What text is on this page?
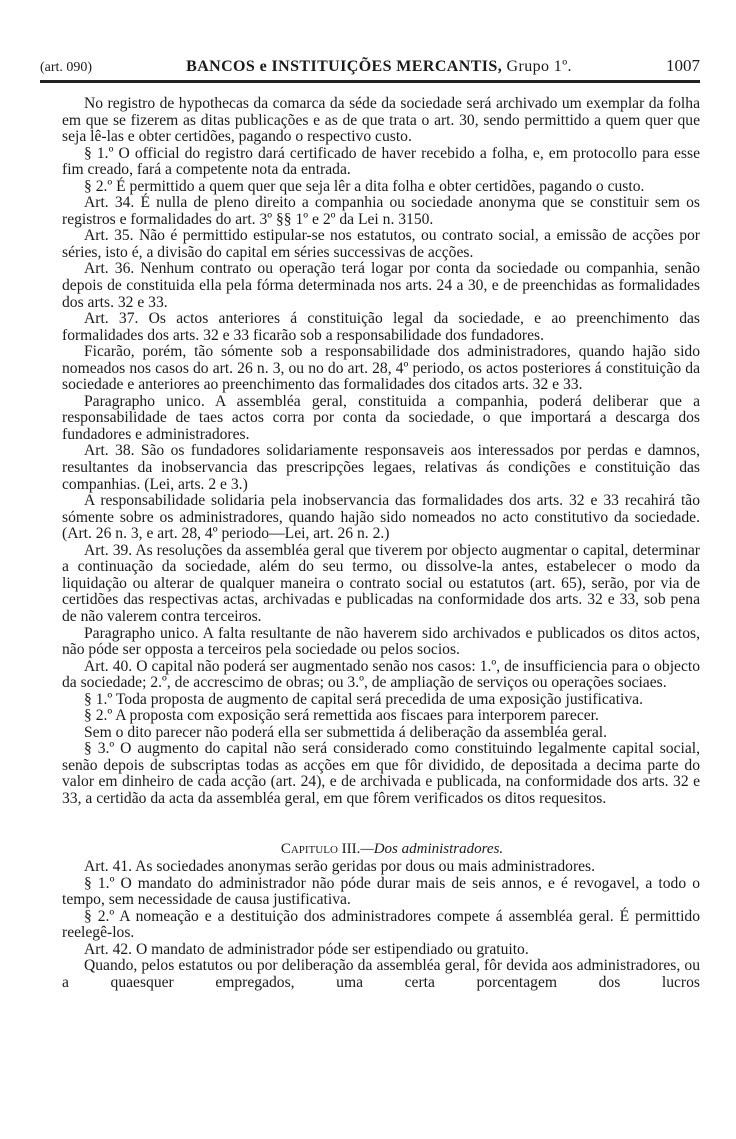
(art. 090)	BANCOS e INSTITUIÇÕES MERCANTIS, Grupo 1º.	1007

No registro de hypothecas da comarca da séde da sociedade será archivado um exemplar da folha em que se fizerem as ditas publicações e as de que trata o art. 30, sendo permittido a quem quer que seja lê-las e obter certidões, pagando o respectivo custo.

§ 1.º O official do registro dará certificado de haver recebido a folha, e, em protocollo para esse fim creado, fará a competente nota da entrada.

§ 2.º É permittido a quem quer que seja lêr a dita folha e obter certidões, pagando o custo.

Art. 34. É nulla de pleno direito a companhia ou sociedade anonyma que se constituir sem os registros e formalidades do art. 3º §§ 1º e 2º da Lei n. 3150.

Art. 35. Não é permittido estipular-se nos estatutos, ou contrato social, a emissão de acções por séries, isto é, a divisão do capital em séries successivas de acções.

Art. 36. Nenhum contrato ou operação terá logar por conta da sociedade ou companhia, senão depois de constituida ella pela fórma determinada nos arts. 24 a 30, e de preenchidas as formalidades dos arts. 32 e 33.

Art. 37. Os actos anteriores á constituição legal da sociedade, e ao preenchimento das formalidades dos arts. 32 e 33 ficarão sob a responsabilidade dos fundadores.

Ficarão, porém, tão sómente sob a responsabilidade dos administradores, quando hajão sido nomeados nos casos do art. 26 n. 3, ou no do art. 28, 4º periodo, os actos posteriores á constituição da sociedade e anteriores ao preenchimento das formalidades dos citados arts. 32 e 33.

Paragrapho unico. A assembléa geral, constituida a companhia, poderá deliberar que a responsabilidade de taes actos corra por conta da sociedade, o que importará a descarga dos fundadores e administradores.

Art. 38. São os fundadores solidariamente responsaveis aos interessados por perdas e damnos, resultantes da inobservancia das prescripções legaes, relativas ás condições e constituição das companhias. (Lei, arts. 2 e 3.)

A responsabilidade solidaria pela inobservancia das formalidades dos arts. 32 e 33 recahirá tão sómente sobre os administradores, quando hajão sido nomeados no acto constitutivo da sociedade. (Art. 26 n. 3, e art. 28, 4º periodo—Lei, art. 26 n. 2.)

Art. 39. As resoluções da assembléa geral que tiverem por objecto augmentar o capital, determinar a continuação da sociedade, além do seu termo, ou dissolve-la antes, estabelecer o modo da liquidação ou alterar de qualquer maneira o contrato social ou estatutos (art. 65), serão, por via de certidões das respectivas actas, archivadas e publicadas na conformidade dos arts. 32 e 33, sob pena de não valerem contra terceiros.

Paragrapho unico. A falta resultante de não haverem sido archivados e publicados os ditos actos, não póde ser opposta a terceiros pela sociedade ou pelos socios.

Art. 40. O capital não poderá ser augmentado senão nos casos: 1.º, de insufficiencia para o objecto da sociedade; 2.º, de accrescimo de obras; ou 3.º, de ampliação de serviços ou operações sociaes.

§ 1.º Toda proposta de augmento de capital será precedida de uma exposição justificativa.

§ 2.º A proposta com exposição será remettida aos fiscaes para interporem parecer.

Sem o dito parecer não poderá ella ser submettida á deliberação da assembléa geral.

§ 3.º O augmento do capital não será considerado como constituindo legalmente capital social, senão depois de subscriptas todas as acções em que fôr dividido, de depositada a decima parte do valor em dinheiro de cada acção (art. 24), e de archivada e publicada, na conformidade dos arts. 32 e 33, a certidão da acta da assembléa geral, em que fôrem verificados os ditos requesitos.

Capitulo III.—Dos administradores.

Art. 41. As sociedades anonymas serão geridas por dous ou mais administradores.

§ 1.º O mandato do administrador não póde durar mais de seis annos, e é revogavel, a todo o tempo, sem necessidade de causa justificativa.

§ 2.º A nomeação e a destituição dos administradores compete á assembléa geral. É permittido reelegê-los.

Art. 42. O mandato de administrador póde ser estipendiado ou gratuito.

Quando, pelos estatutos ou por deliberação da assembléa geral, fôr devida aos administradores, ou a quaesquer empregados, uma certa porcentagem dos lucros
